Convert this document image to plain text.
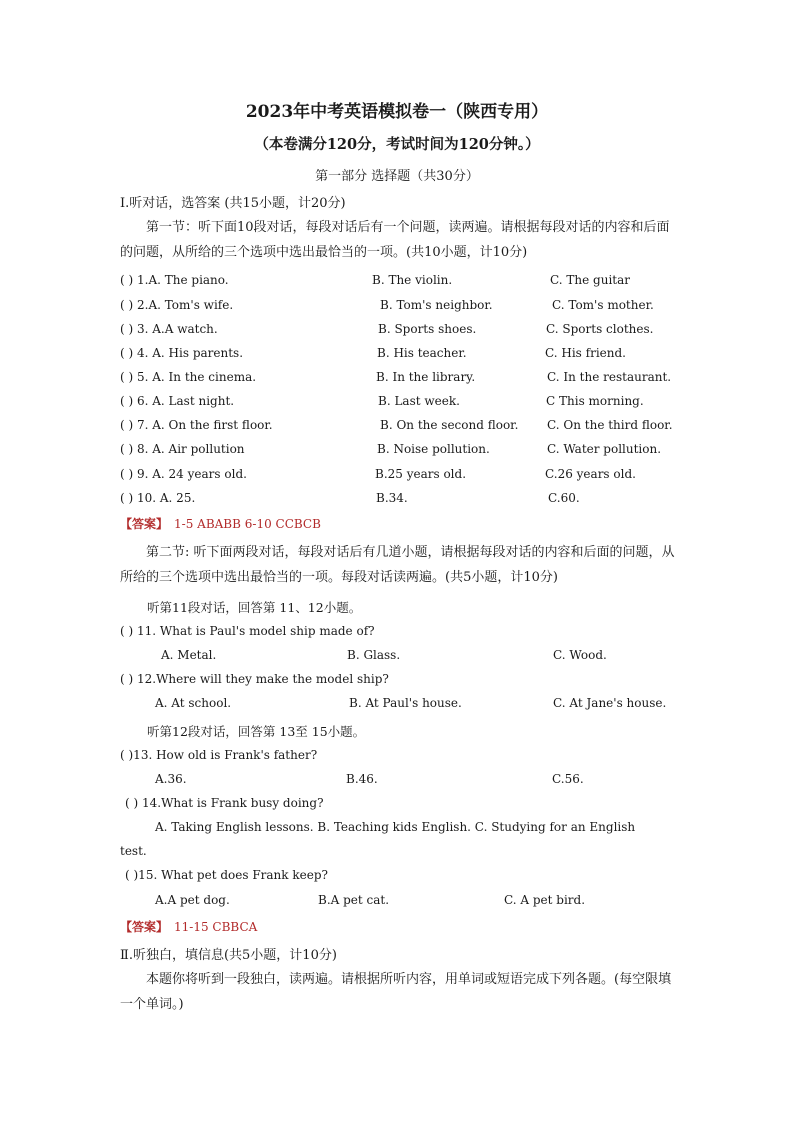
2023年中考英语模拟卷一（陕西专用）
（本卷满分120分，考试时间为120分钟。）
第一部分 选择题（共30分）
Ⅰ.听对话，选答案 (共15小题，计20分)
第一节：听下面10段对话，每段对话后有一个问题，读两遍。请根据每段对话的内容和后面的问题，从所给的三个选项中选出最恰当的一项。(共10小题，计10分)
( ) 1.A. The piano.	B. The violin.	C. The guitar
( ) 2.A. Tom's wife.	B. Tom's neighbor.	C. Tom's mother.
( ) 3. A.A watch.	B. Sports shoes.	C. Sports clothes.
( ) 4. A. His parents.	B. His teacher.	C. His friend.
( ) 5. A. In the cinema.	B. In the library.	C. In the restaurant.
( ) 6. A. Last night.	B. Last week.	C This morning.
( ) 7. A. On the first floor.	B. On the second floor. C. On the third floor.
( ) 8. A. Air pollution	B. Noise pollution.	C. Water pollution.
( ) 9. A. 24 years old.	B.25 years old.	C.26 years old.
( ) 10. A. 25.	B.34.	C.60.
【答案】 1-5 ABABB 6-10 CCBCB
第二节: 听下面两段对话，每段对话后有几道小题，请根据每段对话的内容和后面的问题，从所给的三个选项中选出最恰当的一项。每段对话读两遍。(共5小题，计10分)
听第11段对话，回答第 11、12小题。
( ) 11. What is Paul's model ship made of?
A. Metal.	B. Glass.	C. Wood.
( ) 12.Where will they make the model ship?
A. At school.	B. At Paul's house.	C. At Jane's house.
听第12段对话，回答第 13至 15小题。
( )13. How old is Frank's father?
A.36.	B.46.	C.56.
( ) 14.What is Frank busy doing?
A. Taking English lessons. B. Teaching kids English. C. Studying for an English
test.
( )15. What pet does Frank keep?
A.A pet dog.	B.A pet cat.	C. A pet bird.
【答案】 11-15 CBBCA
Ⅱ.听独白，填信息(共5小题，计10分)
本题你将听到一段独白，读两遍。请根据所听内容，用单词或短语完成下列各题。(每空限填一个单词。)
